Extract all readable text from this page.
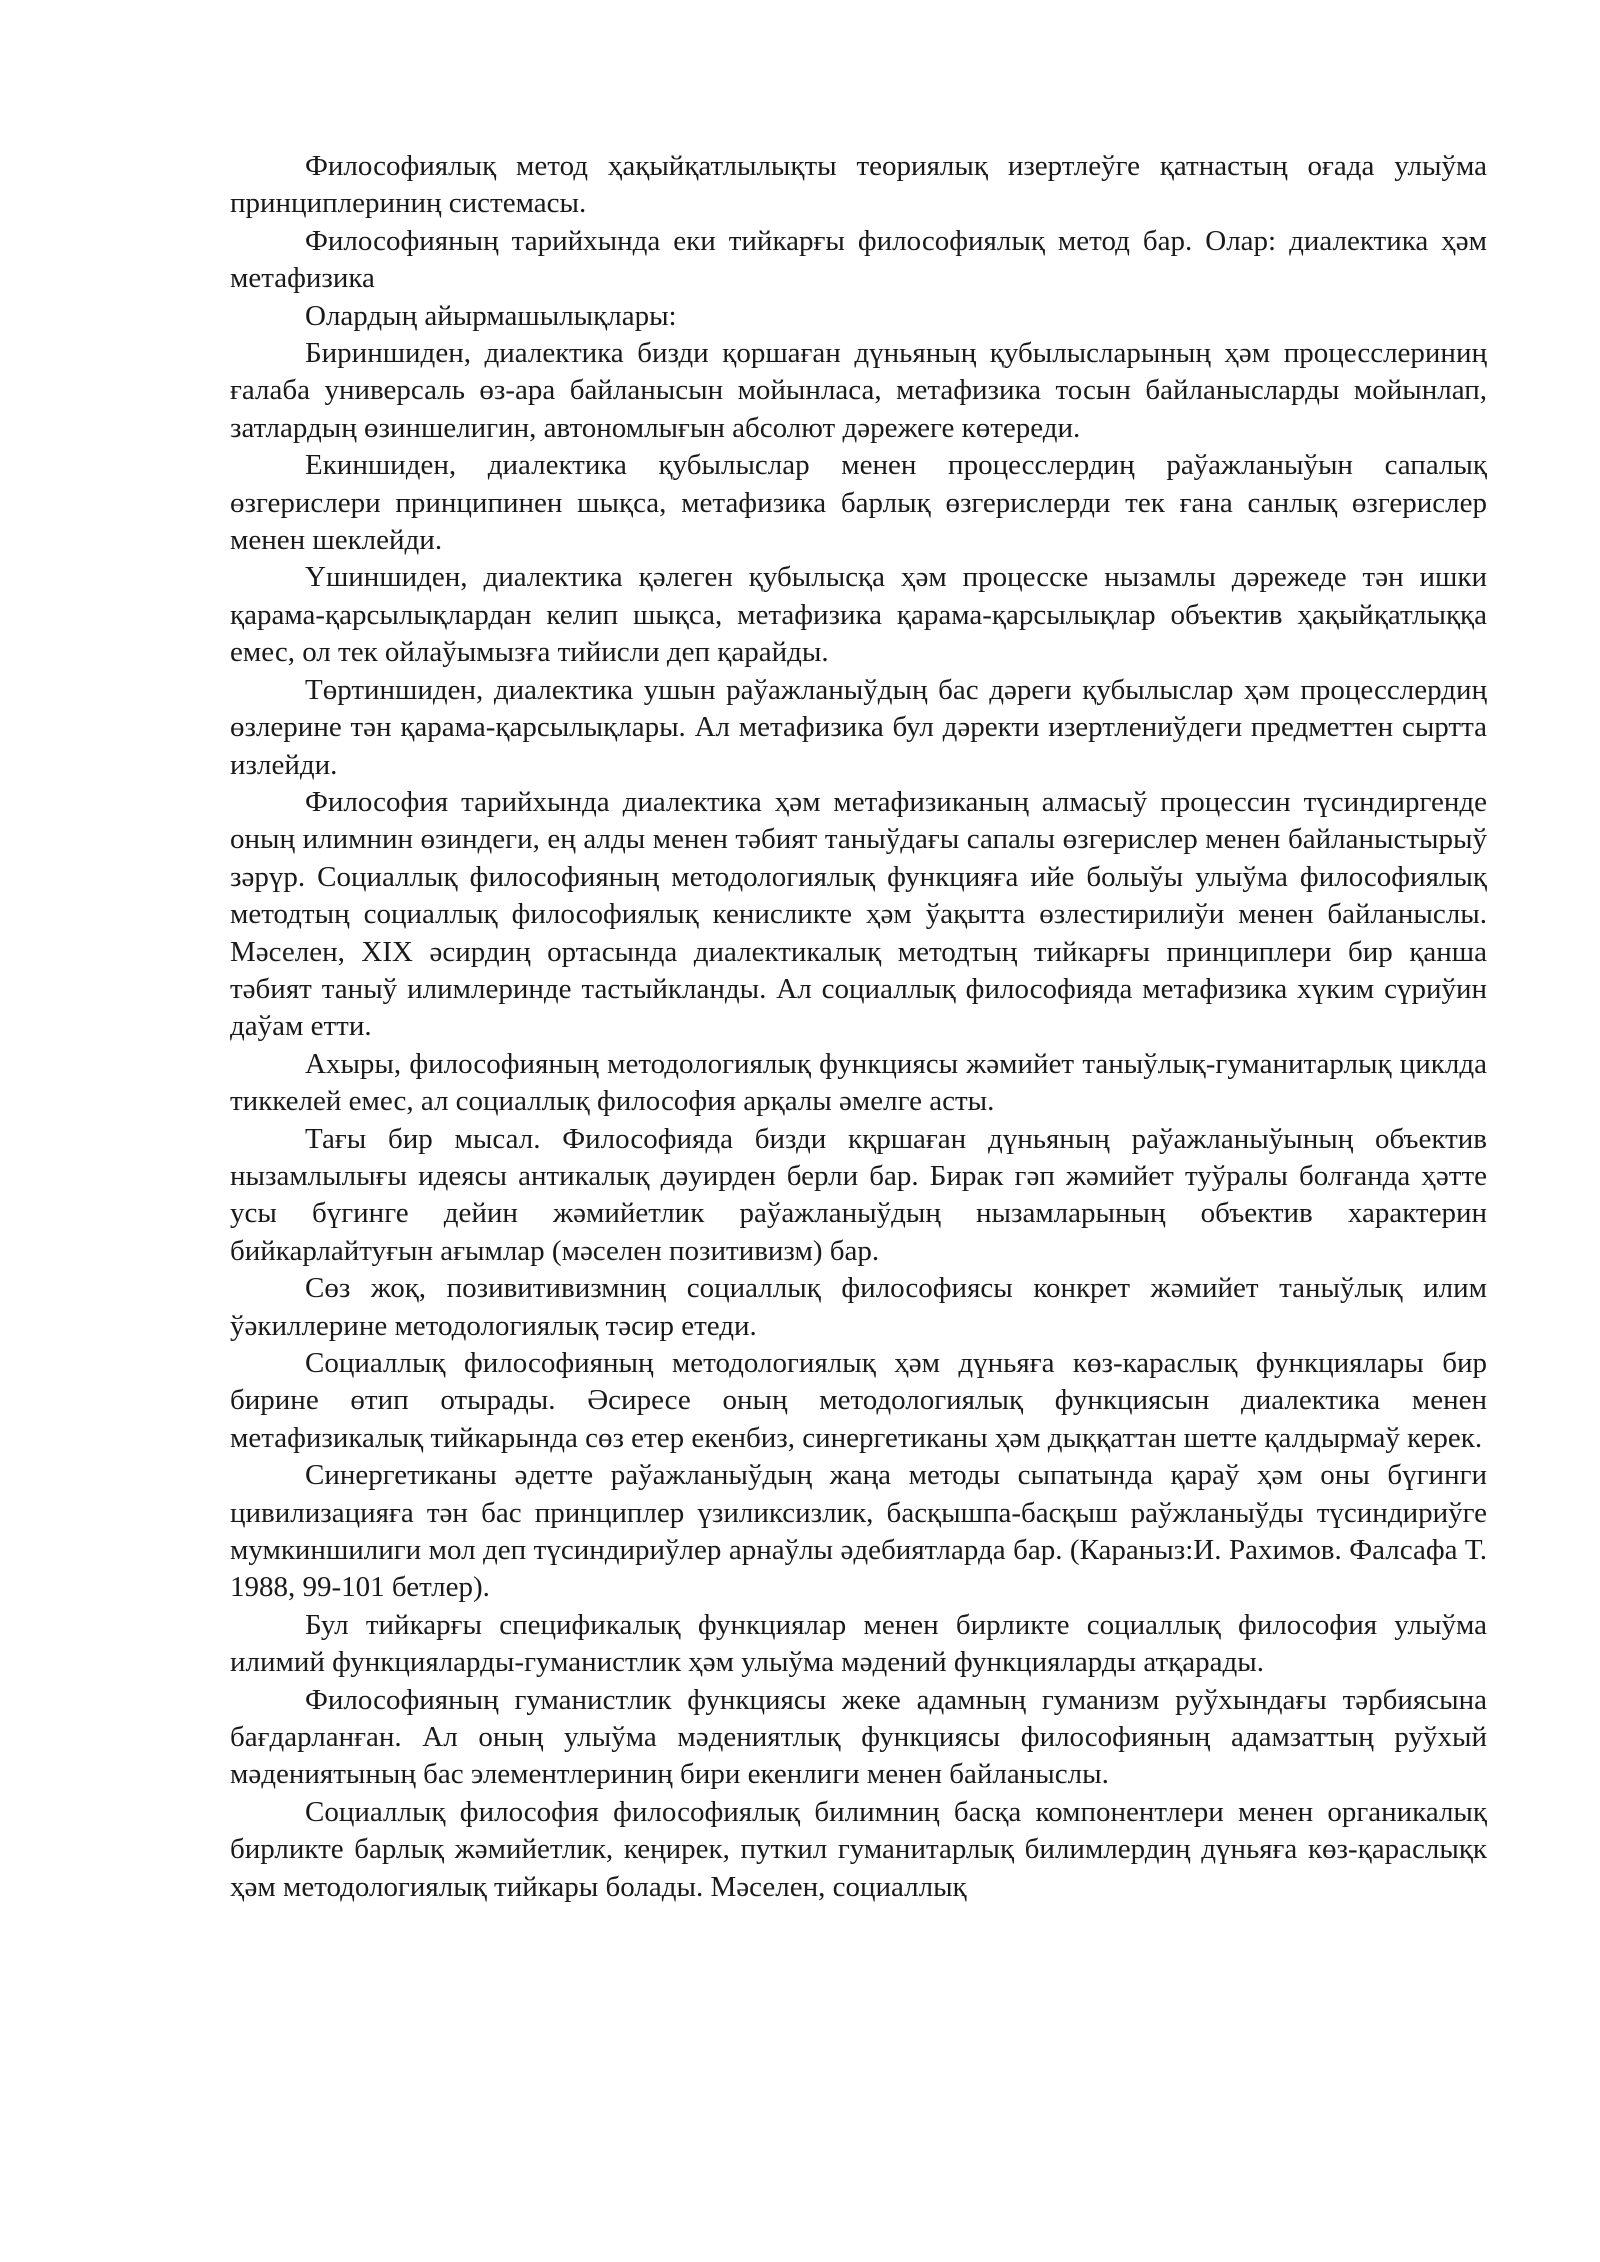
Философиялық метод ҳақыйқатлылықты теориялық изертлеўге қатнастың оғада улыўма принциплериниң системасы.

Философияның тарийхында еки тийкарғы философиялық метод бар. Олар: диалектика ҳәм метафизика

Олардың айырмашылықлары:

Бириншиден, диалектика бизди қоршаған дүньяның қубылысларының ҳәм процесслериниң ғалаба универсаль өз-ара байланысын мойынласа, метафизика тосын байланысларды мойынлап, затлардың өзиншелигин, автономлығын абсолют дәрежеге көтереди.

Екиншиден, диалектика қубылыслар менен процесслердиң раўажланыўын сапалық өзгерислери принципинен шықса, метафизика барлық өзгерислерди тек ғана санлық өзгерислер менен шеклейди.

Үшиншиден, диалектика қәлеген қубылысқа ҳәм процесске нызамлы дәрежеде тән ишки қарама-қарсылықлардан келип шықса, метафизика қарама-қарсылықлар объектив ҳақыйқатлыққа емес, ол тек ойлаўымызға тийисли деп қарайды.

Төртиншиден, диалектика ушын раўажланыўдың бас дәреги қубылыслар ҳәм процесслердиң өзлерине тән қарама-қарсылықлары. Ал метафизика бул дәректи изертлениўдеги предметтен сыртта излейди.

Философия тарийхында диалектика ҳәм метафизиканың алмасыў процессин түсиндиргенде оның илимнин өзиндеги, ең алды менен тәбият таныўдағы сапалы өзгерислер менен байланыстырыў зәрүр. Социаллық философияның методологиялық функцияға ийе болыўы улыўма философиялық методтың социаллық философиялық кенисликте ҳәм ўақытта өзлестирилиўи менен байланыслы. Мәселен, XIX әсирдиң ортасында диалектикалық методтың тийкарғы принциплери бир қанша тәбият таныў илимлеринде тастыйкланды. Ал социаллық философияда метафизика хүким сүриўин даўам етти.

Ахыры, философияның методологиялық функциясы жәмийет таныўлық-гуманитарлық циклда тиккелей емес, ал социаллық философия арқалы әмелге асты.

Тағы бир мысал. Философияда бизди кқршаған дүньяның раўажланыўының объектив нызамлылығы идеясы антикалық дәуирден берли бар. Бирак гәп жәмийет туўралы болғанда ҳәтте усы бүгинге дейин жәмийетлик раўажланыўдың нызамларының объектив характерин бийкарлайтуғын ағымлар (мәселен позитивизм) бар.

Сөз жоқ, позивитивизмниң социаллық философиясы конкрет жәмийет таныўлық илим ўәкиллерине методологиялық тәсир етеди.

Социаллық философияның методологиялық ҳәм дүньяға көз-карaслық функциялары бир бирине өтип отырады. Әсиресе оның методологиялық функциясын диалектика менен метафизикалық тийкарында сөз етер екенбиз, синергетиканы ҳәм дыққаттан шетте қалдырмаў керек.

Синергетиканы әдетте раўажланыўдың жаңа методы сыпатында қараў ҳәм оны бүгинги цивилизацияға тән бас принциплер үзиликсизлик, басқышпа-басқыш раўжланыўды түсиндириўге мумкиншилиги мол деп түсиндириўлер арнаўлы әдебиятларда бар. (Караныз:И. Рахимов. Фалсафа Т. 1988, 99-101 бетлер).

Бул тийкарғы спецификалық функциялар менен бирликте социаллық философия улыўма илимий функцияларды-гуманистлик ҳәм улыўма мәдений функцияларды атқарады.

Философияның гуманистлик функциясы жеке адамның гуманизм руўхындағы тәрбиясына бағдарланған. Ал оның улыўма мәдениятлық функциясы философияның адамзаттың руўхый мәдениятының бас элементлериниң бири екенлиги менен байланыслы.

Социаллық философия философиялық билимниң басқа компонентлери менен органикалық бирликте барлық жәмийетлик, кеңирек, путкил гуманитарлық билимлердиң дүньяға көз-қараслықк ҳәм методологиялық тийкары болады. Мәселен, социаллық
